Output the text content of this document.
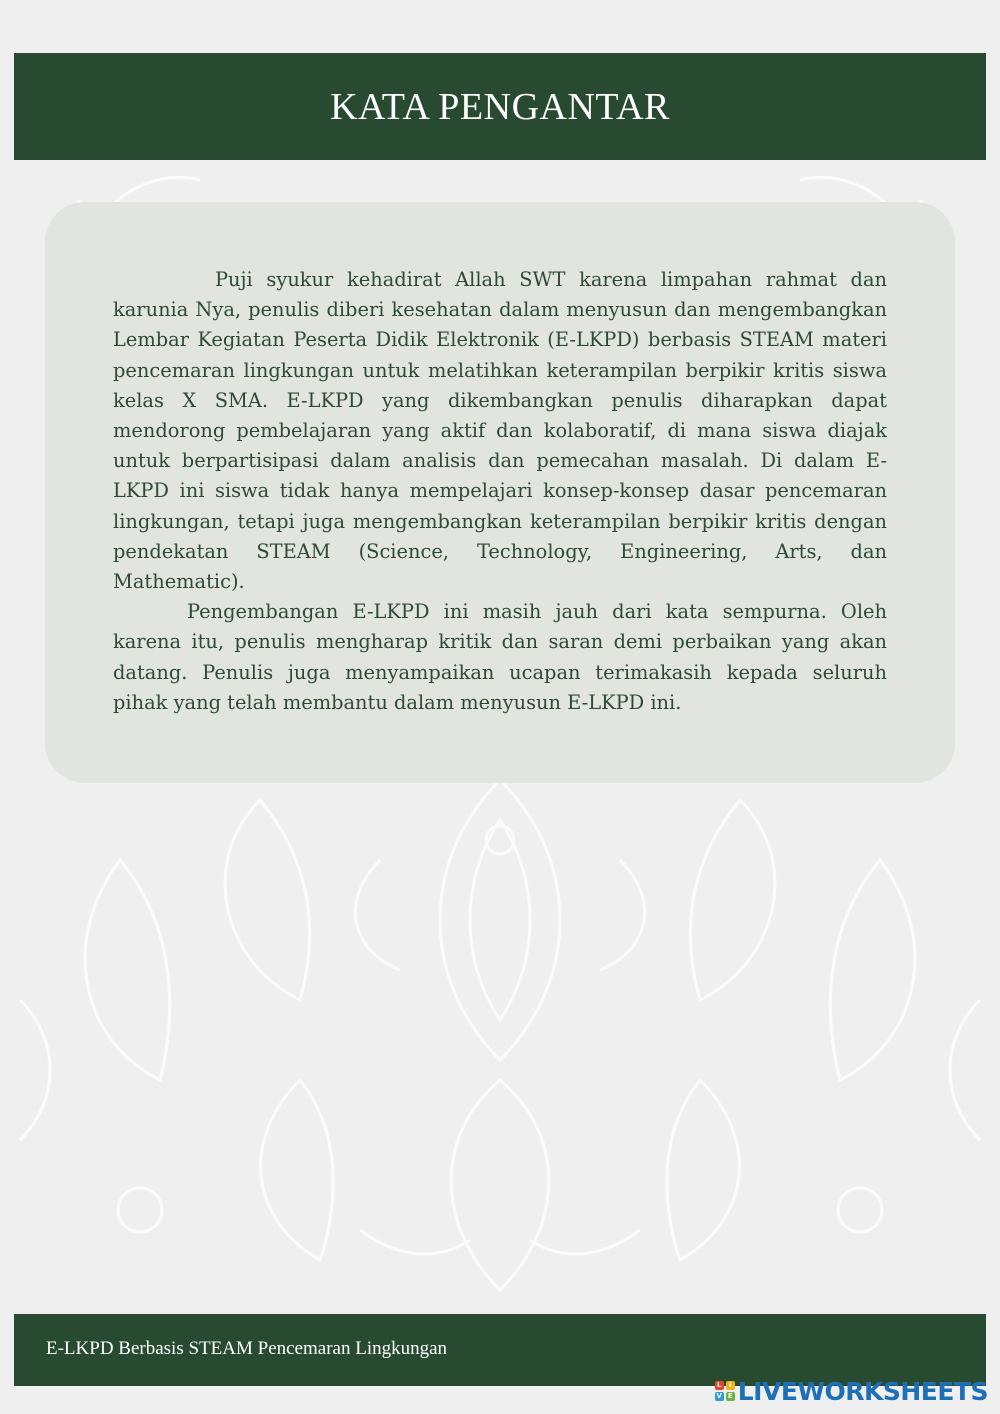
KATA PENGANTAR

Puji syukur kehadirat Allah SWT karena limpahan rahmat dan karunia Nya, penulis diberi kesehatan dalam menyusun dan mengembangkan Lembar Kegiatan Peserta Didik Elektronik (E-LKPD) berbasis STEAM materi pencemaran lingkungan untuk melatihkan keterampilan berpikir kritis siswa kelas X SMA. E-LKPD yang dikembangkan penulis diharapkan dapat mendorong pembelajaran yang aktif dan kolaboratif, di mana siswa diajak untuk berpartisipasi dalam analisis dan pemecahan masalah. Di dalam E-LKPD ini siswa tidak hanya mempelajari konsep-konsep dasar pencemaran lingkungan, tetapi juga mengembangkan keterampilan berpikir kritis dengan pendekatan STEAM (Science, Technology, Engineering, Arts, dan Mathematic).

Pengembangan E-LKPD ini masih jauh dari kata sempurna. Oleh karena itu, penulis mengharap kritik dan saran demi perbaikan yang akan datang. Penulis juga menyampaikan ucapan terimakasih kepada seluruh pihak yang telah membantu dalam menyusun E-LKPD ini.

E-LKPD Berbasis STEAM Pencemaran Lingkungan
L	I
V E LIVEWORKSHEETS
